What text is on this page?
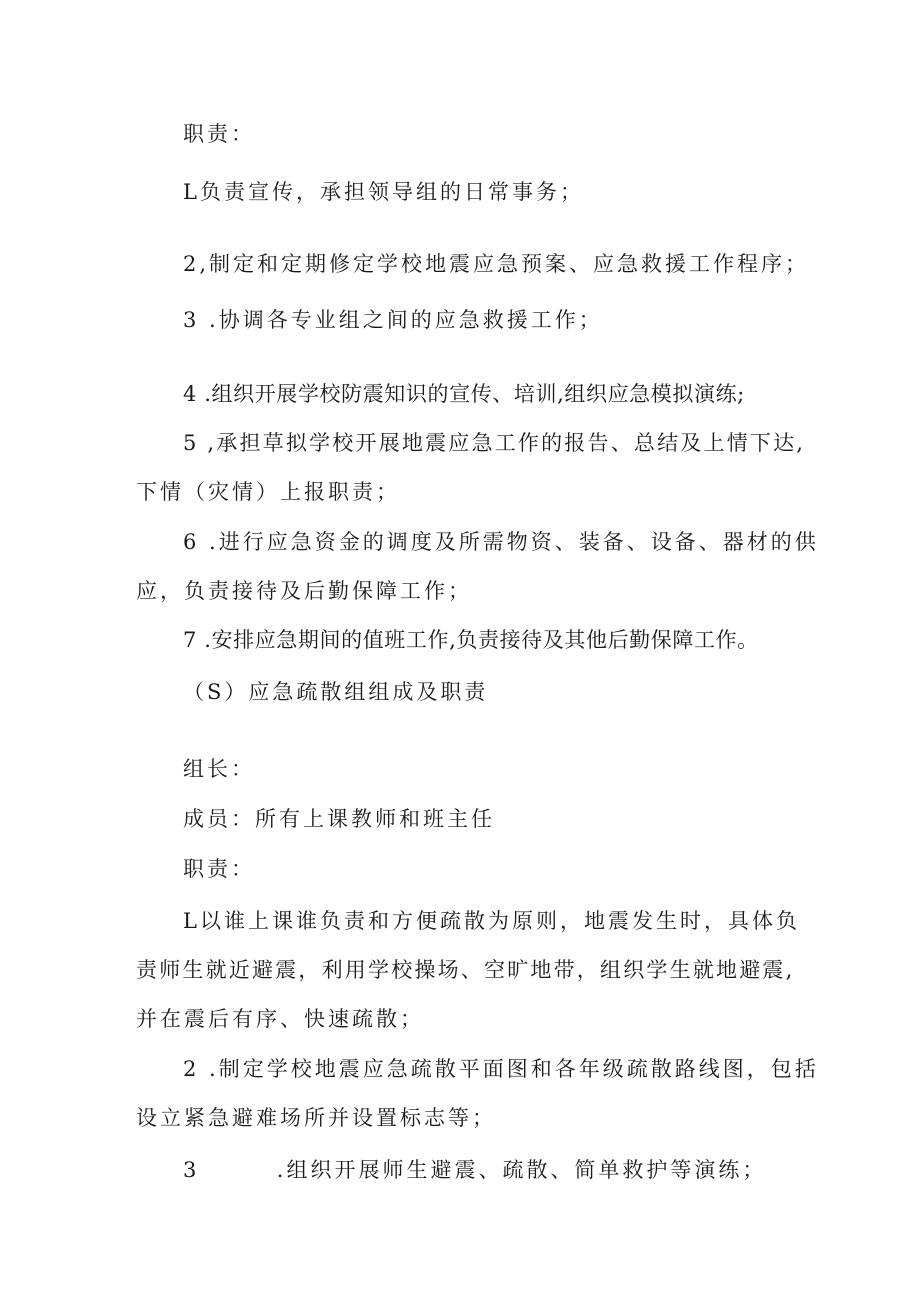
职责：

L负责宣传，承担领导组的日常事务；

2,制定和定期修定学校地震应急预案、应急救援工作程序；

3 .协调各专业组之间的应急救援工作；

4 .组织开展学校防震知识的宣传、培训,组织应急模拟演练;

5 ,承担草拟学校开展地震应急工作的报告、总结及上情下达,

下情（灾情）上报职责；

6 .进行应急资金的调度及所需物资、装备、设备、器材的供

应，负责接待及后勤保障工作；

7 .安排应急期间的值班工作,负责接待及其他后勤保障工作。

（S）应急疏散组组成及职责

组长：

成员：所有上课教师和班主任

职责：

L以谁上课谁负责和方便疏散为原则，地震发生时，具体负

责师生就近避震，利用学校操场、空旷地带，组织学生就地避震,

并在震后有序、快速疏散；

2 .制定学校地震应急疏散平面图和各年级疏散路线图，包括

设立紧急避难场所并设置标志等；

3        .组织开展师生避震、疏散、简单救护等演练；
